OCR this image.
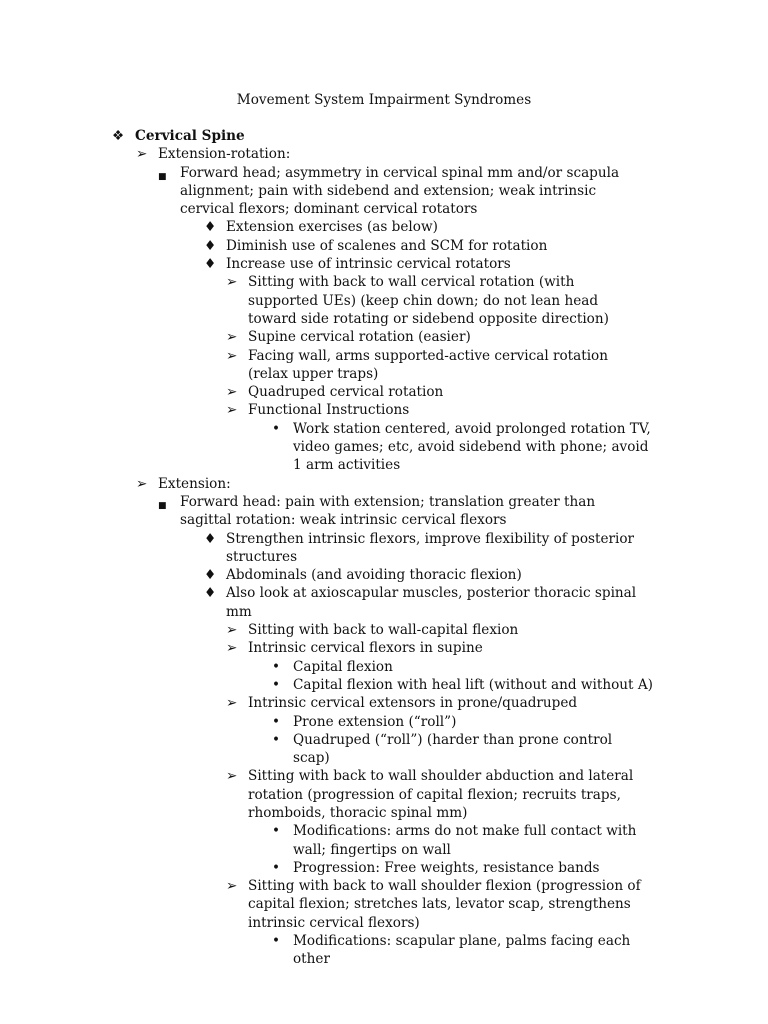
Movement System Impairment Syndromes
❖ Cervical Spine
➢ Extension-rotation:
■ Forward head; asymmetry in cervical spinal mm and/or scapula alignment; pain with sidebend and extension; weak intrinsic cervical flexors; dominant cervical rotators
♦ Extension exercises (as below)
♦ Diminish use of scalenes and SCM for rotation
♦ Increase use of intrinsic cervical rotators
➢ Sitting with back to wall cervical rotation (with supported UEs) (keep chin down; do not lean head toward side rotating or sidebend opposite direction)
➢ Supine cervical rotation (easier)
➢ Facing wall, arms supported-active cervical rotation (relax upper traps)
➢ Quadruped cervical rotation
➢ Functional Instructions
• Work station centered, avoid prolonged rotation TV, video games; etc, avoid sidebend with phone; avoid 1 arm activities
➢ Extension:
■ Forward head: pain with extension; translation greater than sagittal rotation: weak intrinsic cervical flexors
♦ Strengthen intrinsic flexors, improve flexibility of posterior structures
♦ Abdominals (and avoiding thoracic flexion)
♦ Also look at axioscapular muscles, posterior thoracic spinal mm
➢ Sitting with back to wall-capital flexion
➢ Intrinsic cervical flexors in supine
• Capital flexion
• Capital flexion with heal lift (without and without A)
➢ Intrinsic cervical extensors in prone/quadruped
• Prone extension (“roll”)
• Quadruped (“roll”) (harder than prone control scap)
➢ Sitting with back to wall shoulder abduction and lateral rotation (progression of capital flexion; recruits traps, rhomboids, thoracic spinal mm)
• Modifications: arms do not make full contact with wall; fingertips on wall
• Progression: Free weights, resistance bands
➢ Sitting with back to wall shoulder flexion (progression of capital flexion; stretches lats, levator scap, strengthens intrinsic cervical flexors)
• Modifications: scapular plane, palms facing each other
